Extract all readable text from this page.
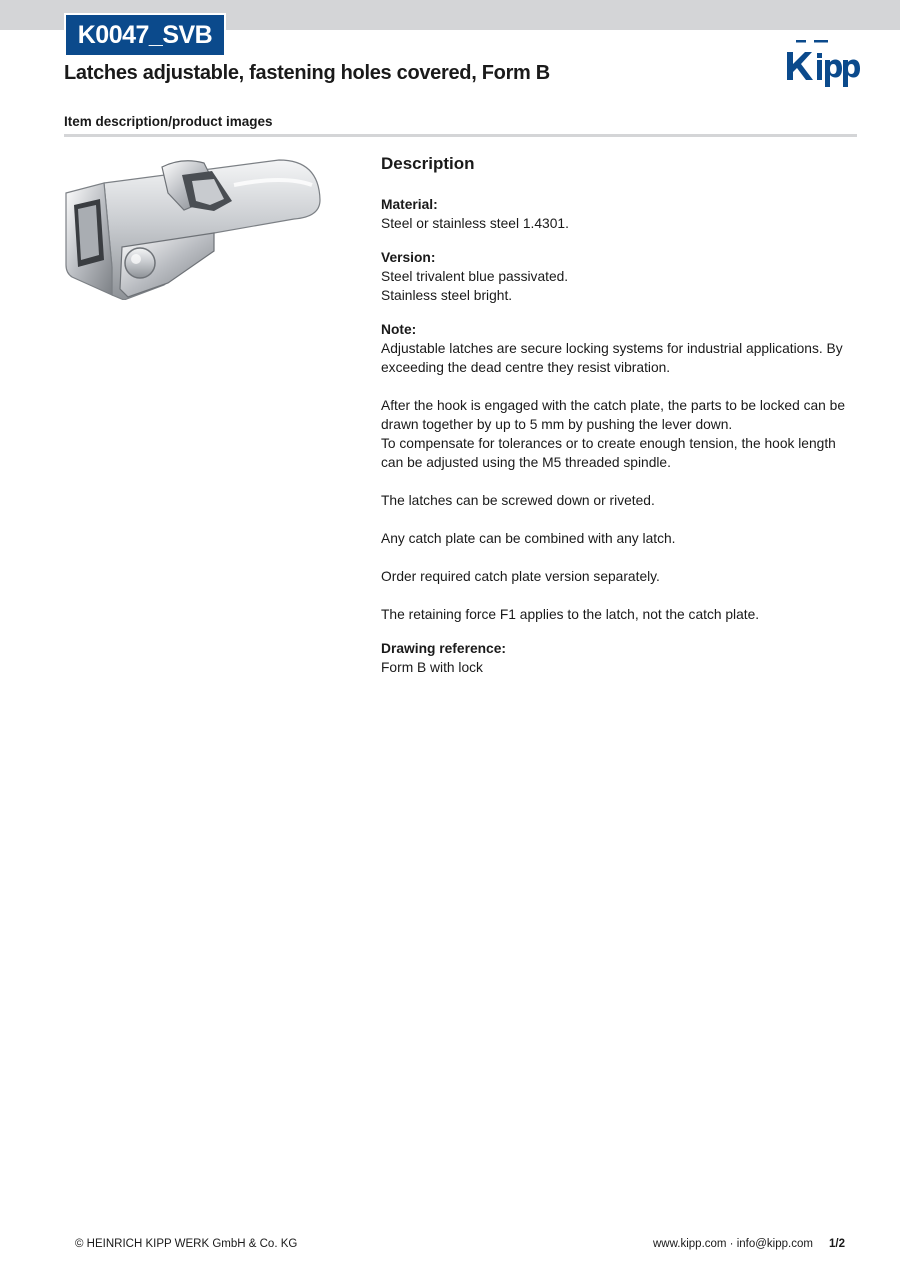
K0047_SVB
Latches adjustable, fastening holes covered, Form B
Item description/product images
Description
Material:
Steel or stainless steel 1.4301.
Version:
Steel trivalent blue passivated.
Stainless steel bright.
Note:
Adjustable latches are secure locking systems for industrial applications. By exceeding the dead centre they resist vibration.
After the hook is engaged with the catch plate, the parts to be locked can be drawn together by up to 5 mm by pushing the lever down.
To compensate for tolerances or to create enough tension, the hook length can be adjusted using the M5 threaded spindle.
The latches can be screwed down or riveted.
Any catch plate can be combined with any latch.
Order required catch plate version separately.
The retaining force F1 applies to the latch, not the catch plate.
Drawing reference:
Form B with lock
© HEINRICH KIPP WERK GmbH & Co. KG	www.kipp.com · info@kipp.com 1/2
